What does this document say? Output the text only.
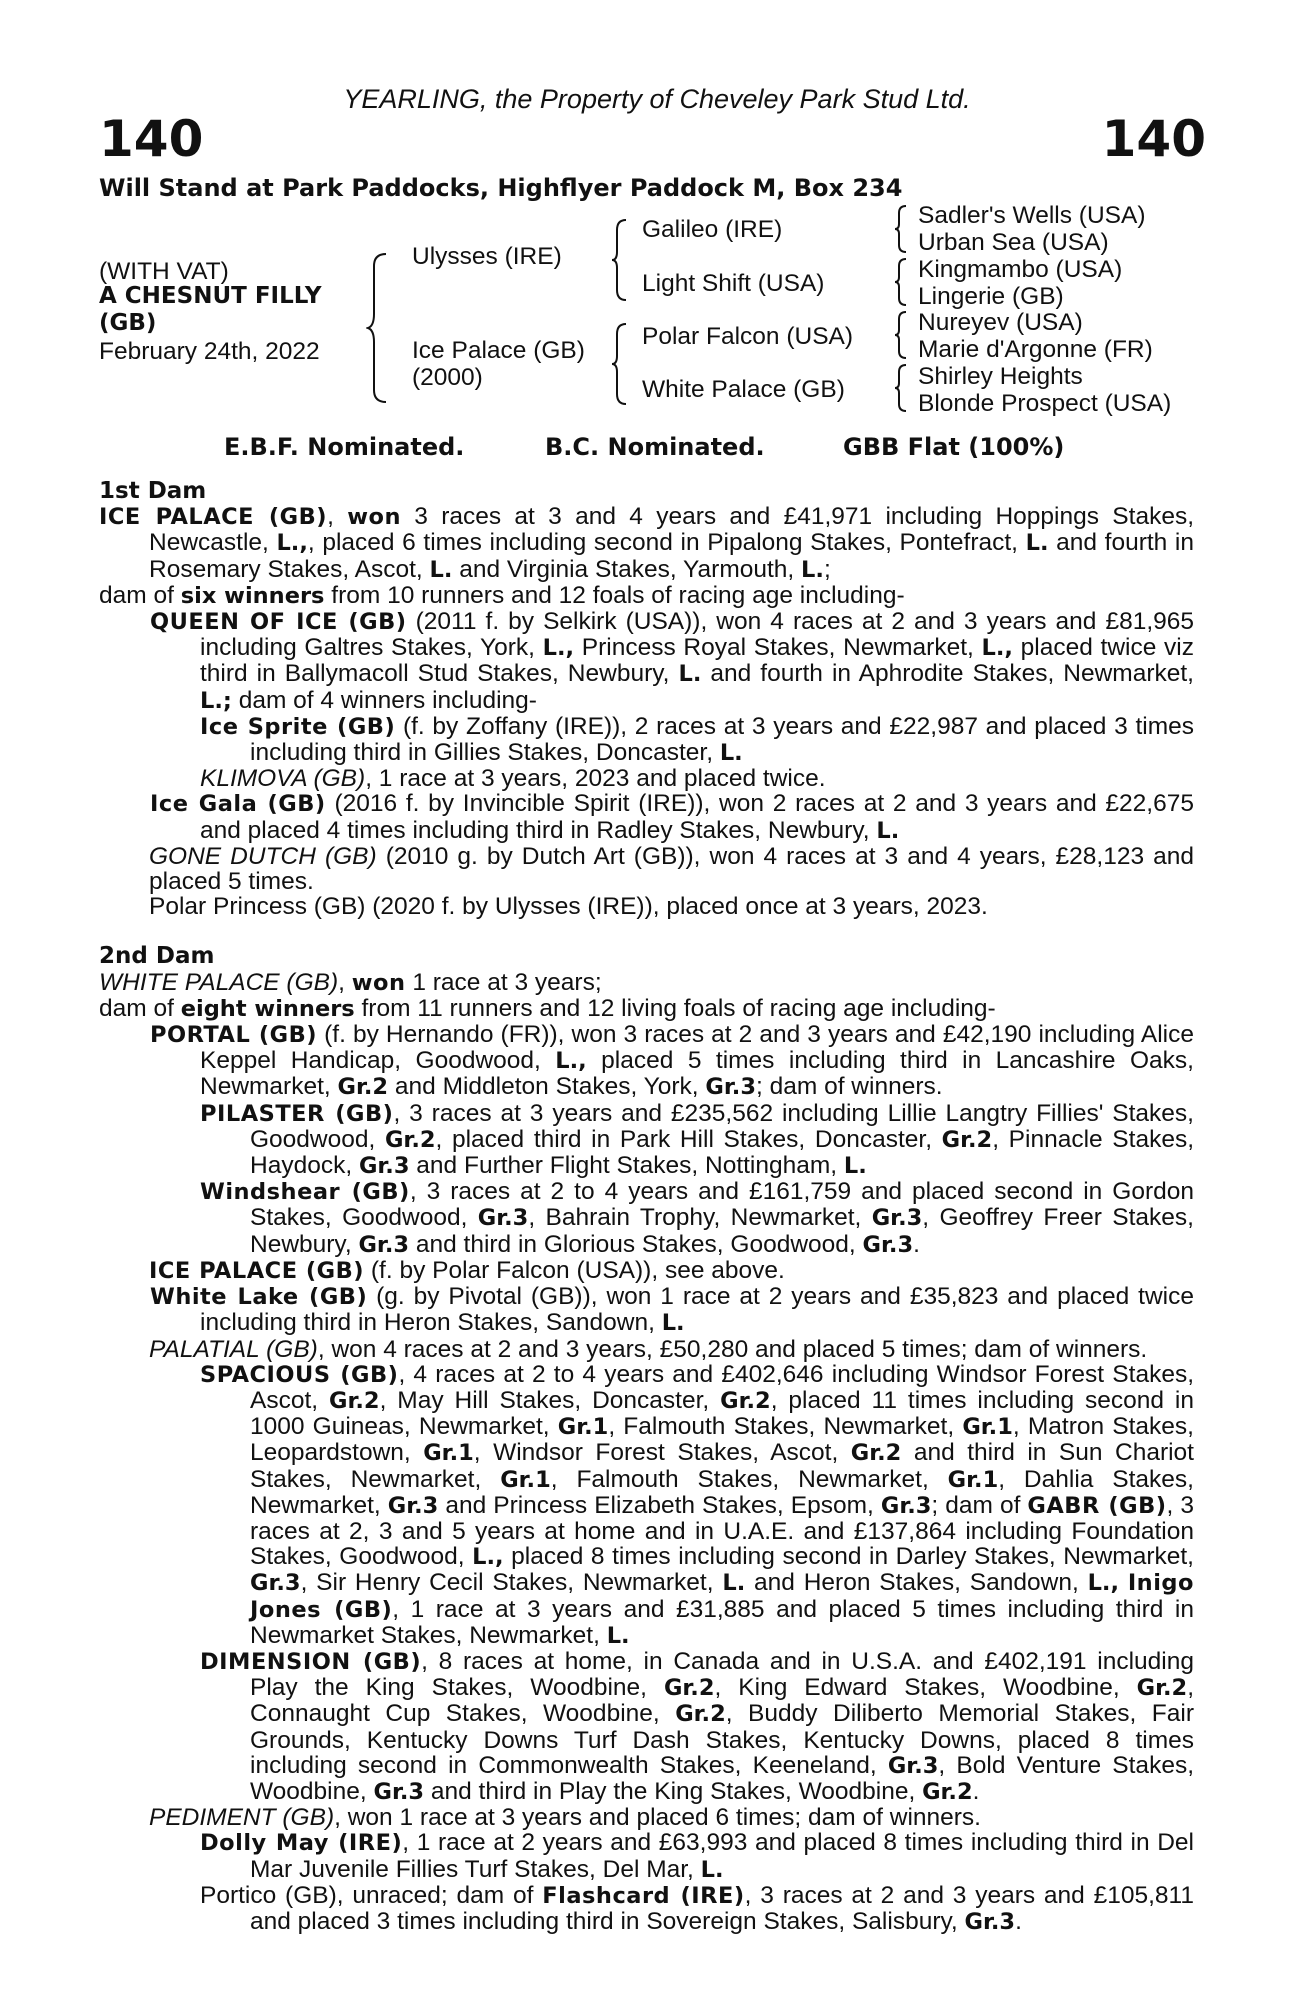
YEARLING, the Property of Cheveley Park Stud Ltd.
140	140
Will Stand at Park Paddocks, Highflyer Paddock M, Box 234
(WITH VAT)
A CHESNUT FILLY
(GB)
February 24th, 2022
Ulysses (IRE)
Ice Palace (GB)
(2000)
Galileo (IRE)
Light Shift (USA)
Polar Falcon (USA)
White Palace (GB)
Sadler's Wells (USA)
Urban Sea (USA)
Kingmambo (USA)
Lingerie (GB)
Nureyev (USA)
Marie d'Argonne (FR)
Shirley Heights
Blonde Prospect (USA)
E.B.F. Nominated.	B.C. Nominated.	GBB Flat (100%)

1st Dam

ICE PALACE (GB), won 3 races at 3 and 4 years and £41,971 including Hoppings Stakes, Newcastle, L.,, placed 6 times including second in Pipalong Stakes, Pontefract, L. and fourth in Rosemary Stakes, Ascot, L. and Virginia Stakes, Yarmouth, L.;

dam of six winners from 10 runners and 12 foals of racing age including-

QUEEN OF ICE (GB) (2011 f. by Selkirk (USA)), won 4 races at 2 and 3 years and £81,965 including Galtres Stakes, York, L., Princess Royal Stakes, Newmarket, L., placed twice viz third in Ballymacoll Stud Stakes, Newbury, L. and fourth in Aphrodite Stakes, Newmarket, L.; dam of 4 winners including-

Ice Sprite (GB) (f. by Zoffany (IRE)), 2 races at 3 years and £22,987 and placed 3 times including third in Gillies Stakes, Doncaster, L.

KLIMOVA (GB), 1 race at 3 years, 2023 and placed twice.

Ice Gala (GB) (2016 f. by Invincible Spirit (IRE)), won 2 races at 2 and 3 years and £22,675 and placed 4 times including third in Radley Stakes, Newbury, L.

GONE DUTCH (GB) (2010 g. by Dutch Art (GB)), won 4 races at 3 and 4 years, £28,123 and placed 5 times.

Polar Princess (GB) (2020 f. by Ulysses (IRE)), placed once at 3 years, 2023.

2nd Dam

WHITE PALACE (GB), won 1 race at 3 years;

dam of eight winners from 11 runners and 12 living foals of racing age including-

PORTAL (GB) (f. by Hernando (FR)), won 3 races at 2 and 3 years and £42,190 including Alice Keppel Handicap, Goodwood, L., placed 5 times including third in Lancashire Oaks, Newmarket, Gr.2 and Middleton Stakes, York, Gr.3; dam of winners.

PILASTER (GB), 3 races at 3 years and £235,562 including Lillie Langtry Fillies' Stakes, Goodwood, Gr.2, placed third in Park Hill Stakes, Doncaster, Gr.2, Pinnacle Stakes, Haydock, Gr.3 and Further Flight Stakes, Nottingham, L.

Windshear (GB), 3 races at 2 to 4 years and £161,759 and placed second in Gordon Stakes, Goodwood, Gr.3, Bahrain Trophy, Newmarket, Gr.3, Geoffrey Freer Stakes, Newbury, Gr.3 and third in Glorious Stakes, Goodwood, Gr.3.

ICE PALACE (GB) (f. by Polar Falcon (USA)), see above.

White Lake (GB) (g. by Pivotal (GB)), won 1 race at 2 years and £35,823 and placed twice including third in Heron Stakes, Sandown, L.

PALATIAL (GB), won 4 races at 2 and 3 years, £50,280 and placed 5 times; dam of winners.

SPACIOUS (GB), 4 races at 2 to 4 years and £402,646 including Windsor Forest Stakes, Ascot, Gr.2, May Hill Stakes, Doncaster, Gr.2, placed 11 times including second in 1000 Guineas, Newmarket, Gr.1, Falmouth Stakes, Newmarket, Gr.1, Matron Stakes, Leopardstown, Gr.1, Windsor Forest Stakes, Ascot, Gr.2 and third in Sun Chariot Stakes, Newmarket, Gr.1, Falmouth Stakes, Newmarket, Gr.1, Dahlia Stakes, Newmarket, Gr.3 and Princess Elizabeth Stakes, Epsom, Gr.3; dam of GABR (GB), 3 races at 2, 3 and 5 years at home and in U.A.E. and £137,864 including Foundation Stakes, Goodwood, L., placed 8 times including second in Darley Stakes, Newmarket, Gr.3, Sir Henry Cecil Stakes, Newmarket, L. and Heron Stakes, Sandown, L., Inigo Jones (GB), 1 race at 3 years and £31,885 and placed 5 times including third in Newmarket Stakes, Newmarket, L.

DIMENSION (GB), 8 races at home, in Canada and in U.S.A. and £402,191 including Play the King Stakes, Woodbine, Gr.2, King Edward Stakes, Woodbine, Gr.2, Connaught Cup Stakes, Woodbine, Gr.2, Buddy Diliberto Memorial Stakes, Fair Grounds, Kentucky Downs Turf Dash Stakes, Kentucky Downs, placed 8 times including second in Commonwealth Stakes, Keeneland, Gr.3, Bold Venture Stakes, Woodbine, Gr.3 and third in Play the King Stakes, Woodbine, Gr.2.

PEDIMENT (GB), won 1 race at 3 years and placed 6 times; dam of winners.

Dolly May (IRE), 1 race at 2 years and £63,993 and placed 8 times including third in Del Mar Juvenile Fillies Turf Stakes, Del Mar, L.

Portico (GB), unraced; dam of Flashcard (IRE), 3 races at 2 and 3 years and £105,811 and placed 3 times including third in Sovereign Stakes, Salisbury, Gr.3.
